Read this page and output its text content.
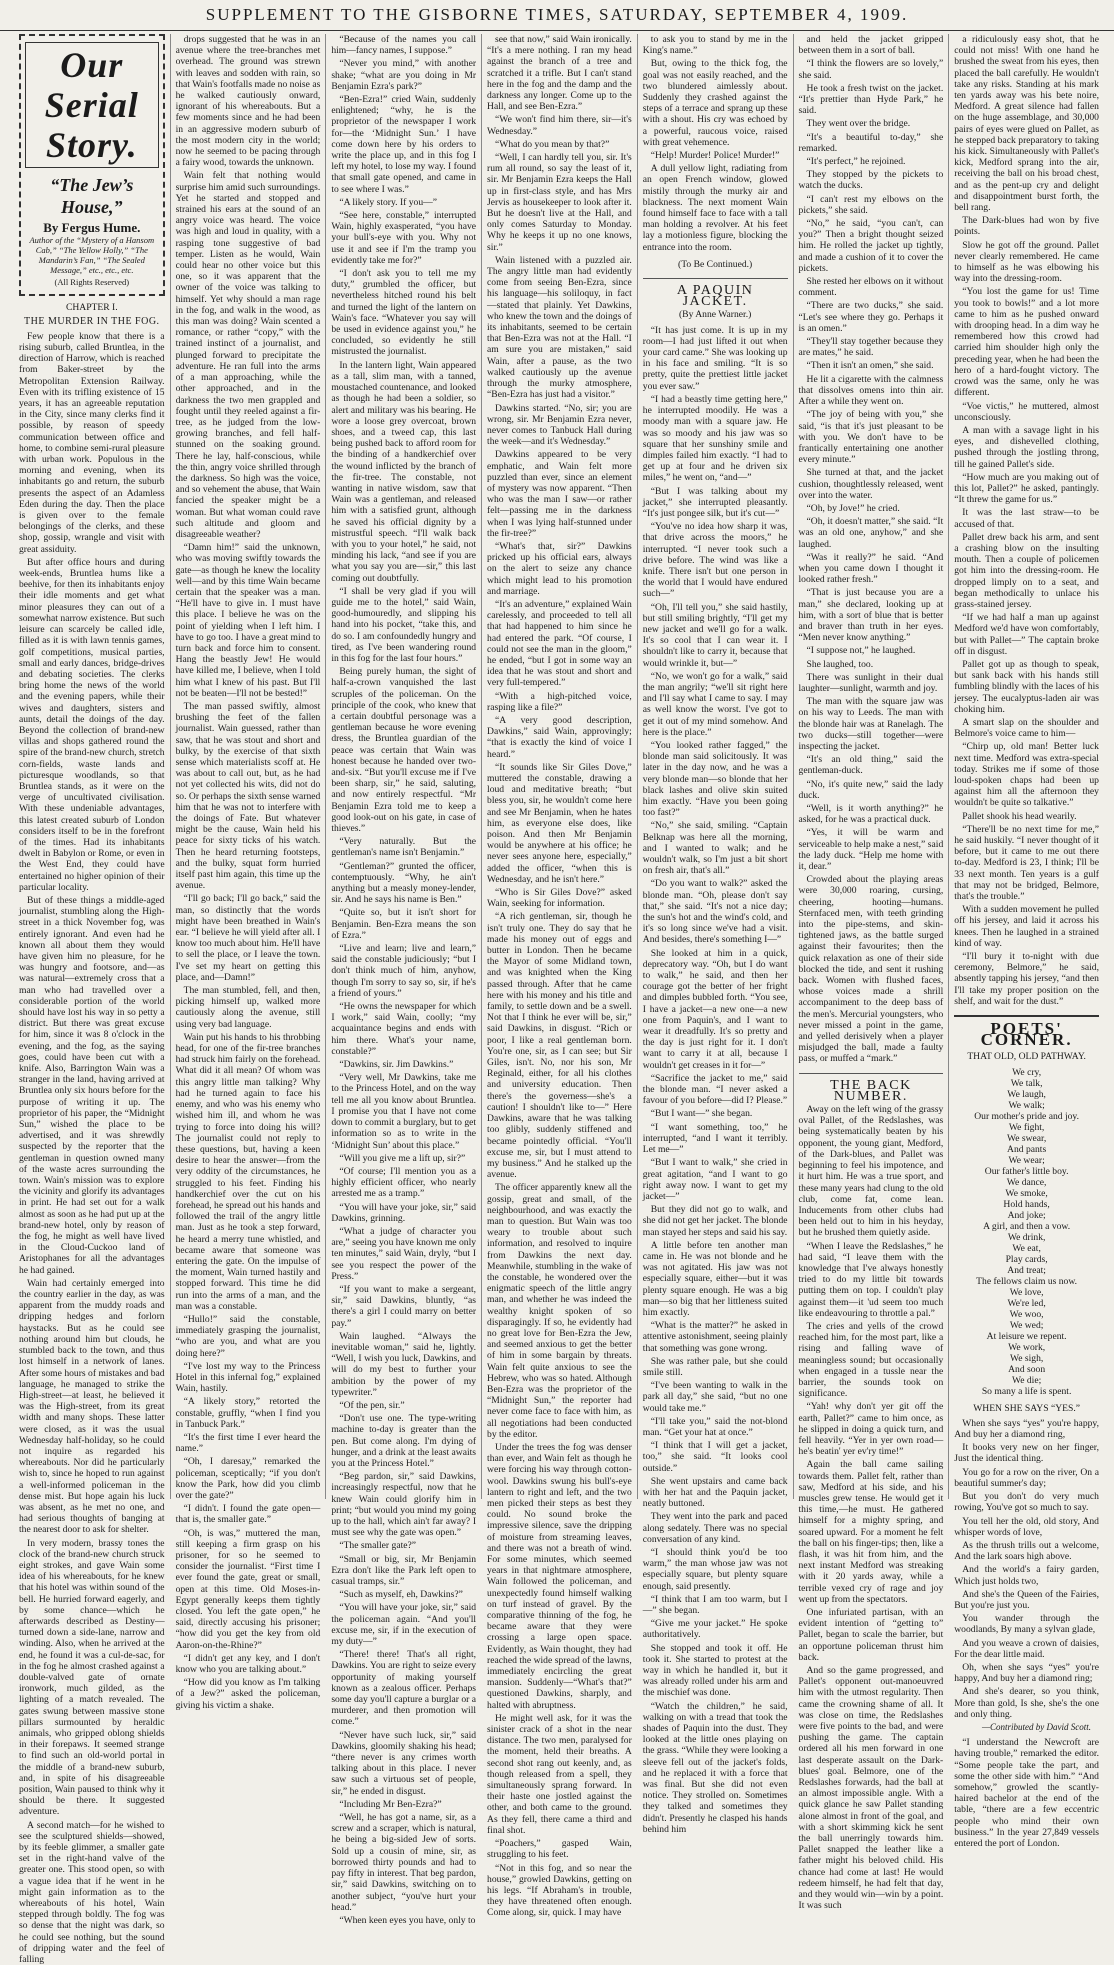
SUPPLEMENT TO THE GISBORNE TIMES, SATURDAY, SEPTEMBER 4, 1909.
Our Serial Story.
“The Jew’s House,”
By Fergus Hume.
Author of the “Mystery of a Hansom Cab,” “The Yellow Holly,” “The Mandarin’s Fan,” “The Sealed Message,” etc., etc., etc.
(All Rights Reserved)
CHAPTER I.
THE MURDER IN THE FOG.

Few people know that there is a rising suburb, called Bruntlea, in the direction of Harrow, which is reached from Baker-street by the Metropolitan Extension Railway. Even with its trifling existence of 15 years, it has an agreeable reputation in the City, since many clerks find it possible, by reason of speedy communication between office and home, to combine semi-rural pleasure with urban work. Populous in the morning and evening, when its inhabitants go and return, the suburb presents the aspect of an Adamless Eden during the day. Then the place is given over to the female belongings of the clerks, and these shop, gossip, wrangle and visit with great assiduity.

But after office hours and during week-ends, Bruntlea hums like a beehive, for then its inhabitants enjoy their idle moments and get what minor pleasures they can out of a somewhat narrow existence. But such leisure can scarcely be called idle, filled as it is with lawn tennis games, golf competitions, musical parties, small and early dances, bridge-drives and debating societies. The clerks bring home the news of the world and the evening papers, while their wives and daughters, sisters and aunts, detail the doings of the day. Beyond the collection of brand-new villas and shops gathered round the spire of the brand-new church, stretch corn-fields, waste lands and picturesque woodlands, so that Bruntlea stands, as it were on the verge of uncultivated civilisation. With these undeniable advantages, this latest created suburb of London considers itself to be in the forefront of the times. Had its inhabitants dwelt in Babylon or Rome, or even in the West End, they could have entertained no higher opinion of their particular locality.

But of these things a middle-aged journalist, stumbling along the High-street in a thick November fog, was entirely ignorant. And even had he known all about them they would have given him no pleasure, for he was hungry and footsore, and—as was natural—extremely cross that a man who had travelled over a considerable portion of the world should have lost his way in so petty a district. But there was great excuse for him, since it was 8 o'clock in the evening, and the fog, as the saying goes, could have been cut with a knife. Also, Barrington Wain was a stranger in the land, having arrived at Bruntlea only six hours before for the purpose of writing it up. The proprietor of his paper, the “Midnight Sun,” wished the place to be advertised, and it was shrewdly suspected by the reporter that the gentleman in question owned many of the waste acres surrounding the town. Wain's mission was to explore the vicinity and glorify its advantages in print. He had set out for a walk almost as soon as he had put up at the brand-new hotel, only by reason of the fog, he might as well have lived in the Cloud-Cuckoo land of Aristophanes for all the advantages he had gained.

Wain had certainly emerged into the country earlier in the day, as was apparent from the muddy roads and dripping hedges and forlorn haystacks. But as he could see nothing around him but clouds, he stumbled back to the town, and thus lost himself in a network of lanes. After some hours of mistakes and bad language, he managed to strike the High-street—at least, he believed it was the High-street, from its great width and many shops. These latter were closed, as it was the usual Wednesday half-holiday, so he could not inquire as regarded his whereabouts. Nor did he particularly wish to, since he hoped to run against a well-informed policeman in the dense mist. But hope again his luck was absent, as he met no one, and had serious thoughts of banging at the nearest door to ask for shelter.

In very modern, brassy tones the clock of the brand-new church struck eight strokes, and gave Wain some idea of his whereabouts, for he knew that his hotel was within sound of the bell. He hurried forward eagerly, and by some chance—which he afterwards described as Destiny—turned down a side-lane, narrow and winding. Also, when he arrived at the end, he found it was a cul-de-sac, for in the fog he almost crashed against a double-valved gate of ornate ironwork, much gilded, as the lighting of a match revealed. The gates swung between massive stone pillars surmounted by heraldic animals, who gripped oblong shields in their forepaws. It seemed strange to find such an old-world portal in the middle of a brand-new suburb, and, in spite of his disagreeable position, Wain paused to think why it should be there. It suggested adventure.

A second match—for he wished to see the sculptured shields—showed, by its feeble glimmer, a smaller gate set in the right-hand valve of the greater one. This stood open, so with a vague idea that if he went in he might gain information as to the whereabouts of his hotel, Wain stepped through boldly. The fog was so dense that the night was dark, so he could see nothing, but the sound of dripping water and the feel of falling

drops suggested that he was in an avenue where the tree-branches met overhead. The ground was strewn with leaves and sodden with rain, so that Wain's footfalls made no noise as he walked cautiously onward, ignorant of his whereabouts. But a few moments since and he had been in an aggressive modern suburb of the most modern city in the world; now he seemed to be pacing through a fairy wood, towards the unknown.

Wain felt that nothing would surprise him amid such surroundings. Yet he started and stopped and strained his ears at the sound of an angry voice was heard. The voice was high and loud in quality, with a rasping tone suggestive of bad temper. Listen as he would, Wain could hear no other voice but this one, so it was apparent that the owner of the voice was talking to himself. Yet why should a man rage in the fog, and walk in the wood, as this man was doing? Wain scented a romance, or rather “copy,” with the trained instinct of a journalist, and plunged forward to precipitate the adventure. He ran full into the arms of a man approaching, while the other approached, and in the darkness the two men grappled and fought until they reeled against a fir-tree, as he judged from the low-growing branches, and fell half-stunned on the soaking ground. There he lay, half-conscious, while the thin, angry voice shrilled through the darkness. So high was the voice, and so vehement the abuse, that Wain fancied the speaker might be a woman. But what woman could rave such altitude and gloom and disagreeable weather?

“Damn him!” said the unknown, who was moving swiftly towards the gate—as though he knew the locality well—and by this time Wain became certain that the speaker was a man. “He'll have to give in. I must have this place. I believe he was on the point of yielding when I left him. I have to go too. I have a great mind to turn back and force him to consent. Hang the beastly Jew! He would have killed me, I believe, when I told him what I knew of his past. But I'll not be beaten—I'll not be bested!”

The man passed swiftly, almost brushing the feet of the fallen journalist. Wain guessed, rather than saw, that he was stout and short and bulky, by the exercise of that sixth sense which materialists scoff at. He was about to call out, but, as he had not yet collected his wits, did not do so. Or perhaps the sixth sense warned him that he was not to interfere with the doings of Fate. But whatever might be the cause, Wain held his peace for sixty ticks of his watch. Then he heard returning footsteps, and the bulky, squat form hurried itself past him again, this time up the avenue.

“I'll go back; I'll go back,” said the man, so distinctly that the words might have been breathed in Wain's ear. “I believe he will yield after all. I know too much about him. He'll have to sell the place, or I leave the town. I've set my heart on getting this place, and—Damn!”

The man stumbled, fell, and then, picking himself up, walked more cautiously along the avenue, still using very bad language.

Wain put his hands to his throbbing head, for one of the fir-tree branches had struck him fairly on the forehead. What did it all mean? Of whom was this angry little man talking? Why had he turned again to face his enemy, and who was his enemy who wished him ill, and whom he was trying to force into doing his will? The journalist could not reply to these questions, but, having a keen desire to hear the answer—from the very oddity of the circumstances, he struggled to his feet. Finding his handkerchief over the cut on his forehead, he spread out his hands and followed the trail of the angry little man. Just as he took a step forward, he heard a merry tune whistled, and became aware that someone was entering the gate. On the impulse of the moment, Wain turned hastily and stopped forward. This time he did run into the arms of a man, and the man was a constable.

“Hullo!” said the constable, immediately grasping the journalist, “who are you, and what are you doing here?”

“I've lost my way to the Princess Hotel in this infernal fog,” explained Wain, hastily.

“A likely story,” retorted the constable, gruffly, “when I find you in Tanbuck Park.”

“It's the first time I ever heard the name.”

“Oh, I daresay,” remarked the policeman, sceptically; “if you don't know the Park, how did you climb over the gate?”

“I didn't. I found the gate open—that is, the smaller gate.”

“Oh, is was,” muttered the man, still keeping a firm grasp on his prisoner, for so he seemed to consider the journalist. “First time I ever found the gate, great or small, open at this time. Old Moses-in-Egypt generally keeps them tightly closed. You left the gate open,” he said, directly accusing his prisoner; “how did you get the key from old Aaron-on-the-Rhine?”

“I didn't get any key, and I don't know who you are talking about.”

“How did you know as I'm talking of a Jew?” asked the policeman, giving his victim a shake.

“Because of the names you call him—fancy names, I suppose.”

“Never you mind,” with another shake; “what are you doing in Mr Benjamin Ezra's park?”

“Ben-Ezra!” cried Wain, suddenly enlightened; “why, he is the proprietor of the newspaper I work for—the ‘Midnight Sun.’ I have come down here by his orders to write the place up, and in this fog I left my hotel, to lose my way. I found that small gate opened, and came in to see where I was.”

“A likely story. If you—”

“See here, constable,” interrupted Wain, highly exasperated, “you have your bull's-eye with you. Why not use it and see if I'm the tramp you evidently take me for?”

“I don't ask you to tell me my duty,” grumbled the officer, but nevertheless hitched round his belt and turned the light of the lantern on Wain's face. “Whatever you say will be used in evidence against you,” he concluded, so evidently he still mistrusted the journalist.

In the lantern light, Wain appeared as a tall, slim man, with a tanned, moustached countenance, and looked as though he had been a soldier, so alert and military was his bearing. He wore a loose grey overcoat, brown shoes, and a tweed cap, this last being pushed back to afford room for the binding of a handkerchief over the wound inflicted by the branch of the fir-tree. The constable, not wanting in native wisdom, saw that Wain was a gentleman, and released him with a satisfied grunt, although he saved his official dignity by a mistrustful speech. “I'll walk back with you to your hotel,” he said, not minding his lack, “and see if you are what you say you are—sir,” this last coming out doubtfully.

“I shall be very glad if you will guide me to the hotel,” said Wain, good-humouredly, and slipping his hand into his pocket, “take this, and do so. I am confoundedly hungry and tired, as I've been wandering round in this fog for the last four hours.”

Being purely human, the sight of half-a-crown vanquished the last scruples of the policeman. On the principle of the cook, who knew that a certain doubtful personage was a gentleman because he wore evening dress, the Bruntlea guardian of the peace was certain that Wain was honest because he handed over two-and-six. “But you'll excuse me if I've been sharp, sir,” he said, saluting, and now entirely respectful. “Mr Benjamin Ezra told me to keep a good look-out on his gate, in case of thieves.”

“Very naturally. But the gentleman's name isn't Benjamin.”

“Gentleman?” grunted the officer, contemptuously. “Why, he ain't anything but a measly money-lender, sir. And he says his name is Ben.”

“Quite so, but it isn't short for Benjamin. Ben-Ezra means the son of Ezra.”

“Live and learn; live and learn,” said the constable judiciously; “but I don't think much of him, anyhow, though I'm sorry to say so, sir, if he's a friend of yours.”

“He owns the newspaper for which I work,” said Wain, coolly; “my acquaintance begins and ends with him there. What's your name, constable?”

“Dawkins, sir. Jim Dawkins.”

“Very well, Mr Dawkins, take me to the Princess Hotel, and on the way tell me all you know about Bruntlea. I promise you that I have not come down to commit a burglary, but to get information so as to write in the ‘Midnight Sun’ about this place.”

“Will you give me a lift up, sir?”

“Of course; I'll mention you as a highly efficient officer, who nearly arrested me as a tramp.”

“You will have your joke, sir,” said Dawkins, grinning.

“What a judge of character you are,” seeing you have known me only ten minutes,” said Wain, dryly, “but I see you respect the power of the Press.”

“If you want to make a sergeant, sir,” said Dawkins, bluntly, “as there's a girl I could marry on better pay.”

Wain laughed. “Always the inevitable woman,” said he, lightly. “Well, I wish you luck, Dawkins, and will do my best to further your ambition by the power of my typewriter.”

“Of the pen, sir.”

“Don't use one. The type-writing machine to-day is greater than the pen. But come along. I'm dying of hunger, and a drink at the least awaits you at the Princess Hotel.”

“Beg pardon, sir,” said Dawkins, increasingly respectful, now that he knew Wain could glorify him in print; “but would you mind my going up to the hall, which ain't far away? I must see why the gate was open.”

“The smaller gate?”

“Small or big, sir, Mr Benjamin Ezra don't like the Park left open to casual tramps, sir.”

“Such as myself, eh, Dawkins?”

“You will have your joke, sir,” said the policeman again. “And you'll excuse me, sir, if in the execution of my duty—”

“There! there! That's all right, Dawkins. You are right to seize every opportunity of making yourself known as a zealous officer. Perhaps some day you'll capture a burglar or a murderer, and then promotion will come.”

“Never have such luck, sir,” said Dawkins, gloomily shaking his head; “there never is any crimes worth talking about in this place. I never saw such a virtuous set of people, sir,” he ended in disgust.

“Including Mr Ben-Ezra?”

“Well, he has got a name, sir, as a screw and a scraper, which is natural, he being a big-sided Jew of sorts. Sold up a cousin of mine, sir, as borrowed thirty pounds and had to pay fifty in interest. That beg pardon, sir,” said Dawkins, switching on to another subject, “you've hurt your head.”

“When keen eyes you have, only to

see that now,” said Wain ironically. “It's a mere nothing. I ran my head against the branch of a tree and scratched it a trifle. But I can't stand here in the fog and the damp and the darkness any longer. Come up to the Hall, and see Ben-Ezra.”

“We won't find him there, sir—it's Wednesday.”

“What do you mean by that?”

“Well, I can hardly tell you, sir. It's rum all round, so say the least of it, sir. Mr Benjamin Ezra keeps the Hall up in first-class style, and has Mrs Jervis as housekeeper to look after it. But he doesn't live at the Hall, and only comes Saturday to Monday. Why he keeps it up no one knows, sir.”

Wain listened with a puzzled air. The angry little man had evidently come from seeing Ben-Ezra, since his language—his soliloquy, in fact—stated that plainly. Yet Dawkins, who knew the town and the doings of its inhabitants, seemed to be certain that Ben-Ezra was not at the Hall. “I am sure you are mistaken,” said Wain, after a pause, as the two walked cautiously up the avenue through the murky atmosphere, “Ben-Ezra has just had a visitor.”

Dawkins started. “No, sir; you are wrong, sir. Mr Benjamin Ezra never, never comes to Tanbuck Hall during the week—and it's Wednesday.”

Dawkins appeared to be very emphatic, and Wain felt more puzzled than ever, since an element of mystery was now apparent. “Then who was the man I saw—or rather felt—passing me in the darkness when I was lying half-stunned under the fir-tree?”

“What's that, sir?” Dawkins pricked up his official ears, always on the alert to seize any chance which might lead to his promotion and marriage.

“It's an adventure,” explained Wain carelessly, and proceeded to tell all that had happened to him since he had entered the park. “Of course, I could not see the man in the gloom,” he ended, “but I got in some way an idea that he was stout and short and very full-tempered.”

“With a high-pitched voice, rasping like a file?”

“A very good description, Dawkins,” said Wain, approvingly; “that is exactly the kind of voice I heard.”

“It sounds like Sir Giles Dove,” muttered the constable, drawing a loud and meditative breath; “but bless you, sir, he wouldn't come here and see Mr Benjamin, when he hates him, as everyone else does, like poison. And then Mr Benjamin would be anywhere at his office; he never sees anyone here, especially,” added the officer, “when this is Wednesday, and he isn't here.”

“Who is Sir Giles Dove?” asked Wain, seeking for information.

“A rich gentleman, sir, though he isn't truly one. They do say that he made his money out of eggs and butter in London. Then he became the Mayor of some Midland town, and was knighted when the King passed through. After that he came here with his money and his title and family, to settle down and be a swell. Not that I think he ever will be, sir,” said Dawkins, in disgust. “Rich or poor, I like a real gentleman born. You're one, sir, as I can see; but Sir Giles, isn't. No, nor his son, Mr Reginald, either, for all his clothes and university education. Then there's the governess—she's a caution! I shouldn't like to—” Here Dawkins, aware that he was talking too glibly, suddenly stiffened and became pointedly official. “You'll excuse me, sir, but I must attend to my business.” And he stalked up the avenue.

The officer apparently knew all the gossip, great and small, of the neighbourhood, and was exactly the man to question. But Wain was too weary to trouble about such information, and resolved to inquire from Dawkins the next day. Meanwhile, stumbling in the wake of the constable, he wondered over the enigmatic speech of the little angry man, and whether he was indeed the wealthy knight spoken of so disparagingly. If so, he evidently had no great love for Ben-Ezra the Jew, and seemed anxious to get the better of him in some bargain by threats. Wain felt quite anxious to see the Hebrew, who was so hated. Although Ben-Ezra was the proprietor of the “Midnight Sun,” the reporter had never come face to face with him, as all negotiations had been conducted by the editor.

Under the trees the fog was denser than ever, and Wain felt as though he were forcing his way through cotton-wool. Dawkins swung his bull's-eye lantern to right and left, and the two men picked their steps as best they could. No sound broke the impressive silence, save the dripping of moisture from streaming leaves, and there was not a breath of wind. For some minutes, which seemed years in that nightmare atmosphere, Wain followed the policeman, and unexpectedly found himself walking on turf instead of gravel. By the comparative thinning of the fog, he became aware that they were crossing a large open space. Evidently, as Wain thought, they had reached the wide spread of the lawns, immediately encircling the great mansion. Suddenly—“What's that?” questioned Dawkins, sharply, and halted with abruptness.

He might well ask, for it was the sinister crack of a shot in the near distance. The two men, paralysed for the moment, held their breaths. A second shot rang out keenly, and, as though released from a spell, they simultaneously sprang forward. In their haste one jostled against the other, and both came to the ground. As they fell, there came a third and final shot.

“Poachers,” gasped Wain, struggling to his feet.

“Not in this fog, and so near the house,” growled Dawkins, getting on his legs. “If Abraham's in trouble, they have threatened often enough. Come along, sir, quick. I may have

to ask you to stand by me in the King's name.”

But, owing to the thick fog, the goal was not easily reached, and the two blundered aimlessly about. Suddenly they crashed against the steps of a terrace and sprang up these with a shout. His cry was echoed by a powerful, raucous voice, raised with great vehemence.

“Help! Murder! Police! Murder!”

A dull yellow light, radiating from an open French window, glowed mistily through the murky air and blackness. The next moment Wain found himself face to face with a tall man holding a revolver. At his feet lay a motionless figure, blocking the entrance into the room.

(To Be Continued.)
A PAQUIN JACKET.
(By Anne Warner.)

“It has just come. It is up in my room—I had just lifted it out when your card came.” She was looking up in his face and smiling. “It is so pretty, quite the prettiest little jacket you ever saw.”

“I had a beastly time getting here,” he interrupted moodily. He was a moody man with a square jaw. He was so moody and his jaw was so square that her sunshiny smile and dimples failed him exactly. “I had to get up at four and he driven six miles,” he went on, “and—”

“But I was talking about my jacket,” she interrupted pleasantly. “It's just pongee silk, but it's cut—”

“You've no idea how sharp it was, that drive across the moors,” he interrupted. “I never took such a drive before. The wind was like a knife. There isn't but one person in the world that I would have endured such—”

“Oh, I'll tell you,” she said hastily, but still smiling brightly, “I'll get my new jacket and we'll go for a walk. It's so cool that I can wear it. I shouldn't like to carry it, because that would wrinkle it, but—”

“No, we won't go for a walk,” said the man angrily; “we'll sit right here and I'll say what I came to say. I may as well know the worst. I've got to get it out of my mind somehow. And here is the place.”

“You looked rather fagged,” the blonde man said solicitously. It was later in the day now, and he was a very blonde man—so blonde that her black lashes and olive skin suited him exactly. “Have you been going too fast?”

“No,” she said, smiling. “Captain Belknap was here all the morning, and I wanted to walk; and he wouldn't walk, so I'm just a bit short on fresh air, that's all.”

“Do you want to walk?” asked the blonde man. “Oh, please don't say that,” she said. “It's not a nice day; the sun's hot and the wind's cold, and it's so long since we've had a visit. And besides, there's something I—”

She looked at him in a quick, deprecatory way. “Oh, but I do want to walk,” he said, and then her courage got the better of her fright and dimples bubbled forth. “You see, I have a jacket—a new one—a new one from Paquin's, and I want to wear it dreadfully. It's so pretty and the day is just right for it. I don't want to carry it at all, because I wouldn't get creases in it for—”

“Sacrifice the jacket to me,” said the blonde man. “I never asked a favour of you before—did I? Please.”

“But I want—” she began.

“I want something, too,” he interrupted, “and I want it terribly. Let me—”

“But I want to walk,” she cried in great agitation, “and I want to go right away now. I want to get my jacket—”

But they did not go to walk, and she did not get her jacket. The blonde man stayed her steps and said his say.

A little before ten another man came in. He was not blonde and he was not agitated. His jaw was not especially square, either—but it was plenty square enough. He was a big man—so big that her littleness suited him exactly.

“What is the matter?” he asked in attentive astonishment, seeing plainly that something was gone wrong.

She was rather pale, but she could smile still.

“I've been wanting to walk in the park all day,” she said, “but no one would take me.”

“I'll take you,” said the not-blond man. “Get your hat at once.”

“I think that I will get a jacket, too,” she said. “It looks cool outside.”

She went upstairs and came back with her hat and the Paquin jacket, neatly buttoned.

They went into the park and paced along sedately. There was no special conversation of any kind.

“I should think you'd be too warm,” the man whose jaw was not especially square, but plenty square enough, said presently.

“I think that I am too warm, but I—” she began.

“Give me your jacket.” He spoke authoritatively.

She stopped and took it off. He took it. She started to protest at the way in which he handled it, but it was already rolled under his arm and the mischief was done.

“Watch the children,” he said, walking on with a tread that took the shades of Paquin into the dust. They looked at the little ones playing on the grass. “While they were looking a sleeve fell out of the jacket's folds, and he replaced it with a force that was final. But she did not even notice. They strolled on. Sometimes they talked and sometimes they didn't. Presently he clasped his hands behind him

and held the jacket gripped between them in a sort of ball.

“I think the flowers are so lovely,” she said.

He took a fresh twist on the jacket. “It's prettier than Hyde Park,” he said.

They went over the bridge.

“It's a beautiful to-day,” she remarked.

“It's perfect,” he rejoined.

They stopped by the pickets to watch the ducks.

“I can't rest my elbows on the pickets,” she said.

“No,” he said, “you can't, can you?” Then a bright thought seized him. He rolled the jacket up tightly, and made a cushion of it to cover the pickets.

She rested her elbows on it without comment.

“There are two ducks,” she said. “Let's see where they go. Perhaps it is an omen.”

“They'll stay together because they are mates,” he said.

“Then it isn't an omen,” she said.

He lit a cigarette with the calmness that dissolves omens into thin air. After a while they went on.

“The joy of being with you,” she said, “is that it's just pleasant to be with you. We don't have to be frantically entertaining one another every minute.”

She turned at that, and the jacket cushion, thoughtlessly released, went over into the water.

“Oh, by Jove!” he cried.

“Oh, it doesn't matter,” she said. “It was an old one, anyhow,” and she laughed.

“Was it really?” he said. “And when you came down I thought it looked rather fresh.”

“That is just because you are a man,” she declared, looking up at him, with a sort of blue that is better and braver than truth in her eyes. “Men never know anything.”

“I suppose not,” he laughed.

She laughed, too.

There was sunlight in their dual laughter—sunlight, warmth and joy.

The man with the square jaw was on his way to Leeds. The man with the blonde hair was at Ranelagh. The two ducks—still together—were inspecting the jacket.

“It's an old thing,” said the gentleman-duck.

“No, it's quite new,” said the lady duck.

“Well, is it worth anything?” he asked, for he was a practical duck.

“Yes, it will be warm and serviceable to help make a nest,” said the lady duck. “Help me home with it, dear.”

Crowded about the playing areas were 30,000 roaring, cursing, cheering, hooting—humans. Sternfaced men, with teeth grinding into the pipe-stems, and skin-tightened jaws, as the battle surged against their favourites; then the quick relaxation as one of their side blocked the tide, and sent it rushing back. Women with flushed faces, whose voices made a shrill accompaniment to the deep bass of the men's. Mercurial youngsters, who never missed a point in the game, and yelled derisively when a player misjudged the ball, made a faulty pass, or muffed a “mark.”

THE BACK NUMBER.

Away on the left wing of the grassy oval Pallet, of the Redslashes, was being systematically beaten by his opponent, the young giant, Medford, of the Dark-blues, and Pallet was beginning to feel his impotence, and it hurt him. He was a true sport, and these many years had clung to the old club, come fat, come lean. Inducements from other clubs had been held out to him in his heyday, but he brushed them quietly aside.

“When I leave the Redslashes,” he had said, “I leave them with the knowledge that I've always honestly tried to do my little bit towards putting them on top. I couldn't play against them—it 'ud seem too much like endeavouring to throttle a pal.”

The cries and yells of the crowd reached him, for the most part, like a rising and falling wave of meaningless sound; but occasionally when engaged in a tussle near the barrier, the sounds took on significance.

“Yah! why don't yer git off the earth, Pallet?” came to him once, as he slipped in doing a quick turn, and fell heavily. “Yer in yer own road—he's beatin' yer ev'ry time!”

Again the ball came sailing towards them. Pallet felt, rather than saw, Medford at his side, and his muscles grew tense. He would get it this time,—he must. He gathered himself for a mighty spring, and soared upward. For a moment he felt the ball on his finger-tips; then, like a flash, it was hit from him, and the next instant Medford was streaking with it 20 yards away, while a terrible vexed cry of rage and joy went up from the spectators.

One infuriated partisan, with an evident intention of “getting to” Pallet, began to scale the barrier, but an opportune policeman thrust him back.

And so the game progressed, and Pallet's opponent out-manoeuvred him with the utmost regularity. Then came the crowning shame of all. It was close on time, the Redslashes were five points to the bad, and were pushing the game. The captain ordered all his men forward in one last desperate assault on the Dark-blues' goal. Belmore, one of the Redslashes forwards, had the ball at an almost impossible angle. With a quick glance he saw Pallet standing alone almost in front of the goal, and with a short skimming kick he sent the ball unerringly towards him. Pallet snapped the leather like a father might his beloved child. His chance had come at last! He would redeem himself, he had felt that day, and they would win—win by a point. It was such

a ridiculously easy shot, that he could not miss! With one hand he brushed the sweat from his eyes, then placed the ball carefully. He wouldn't take any risks. Standing at his mark ten yards away was his bete noire, Medford. A great silence had fallen on the huge assemblage, and 30,000 pairs of eyes were glued on Pallet, as he stepped back preparatory to taking his kick. Simultaneously with Pallet's kick, Medford sprang into the air, receiving the ball on his broad chest, and as the pent-up cry and delight and disappointment burst forth, the bell rang.

The Dark-blues had won by five points.

Slow he got off the ground. Pallet never clearly remembered. He came to himself as he was elbowing his way into the dressing-room.

“You lost the game for us! Time you took to bowls!” and a lot more came to him as he pushed onward with drooping head. In a dim way he remembered how this crowd had carried him shoulder high only the preceding year, when he had been the hero of a hard-fought victory. The crowd was the same, only he was different.

“Voe victis,” he muttered, almost unconsciously.

A man with a savage light in his eyes, and dishevelled clothing, pushed through the jostling throng, till he gained Pallet's side.

“How much are you making out of this lot, Pallet?” he asked, pantingly. “It threw the game for us.”

It was the last straw—to be accused of that.

Pallet drew back his arm, and sent a crashing blow on the insulting mouth. Then a couple of policemen got him into the dressing-room. He dropped limply on to a seat, and began methodically to unlace his grass-stained jersey.

“If we had half a man up against Medford we'd have won comfortably, but with Pallet—” The captain broke off in disgust.

Pallet got up as though to speak, but sank back with his hands still fumbling blindly with the laces of his jersey. The eucalyptus-laden air was choking him.

A smart slap on the shoulder and Belmore's voice came to him—

“Chirp up, old man! Better luck next time. Medford was extra-special today. Strikes me if some of those loud-spoken chaps had been up against him all the afternoon they wouldn't be quite so talkative.”

Pallet shook his head wearily.

“There'll be no next time for me,” he said huskily. “I never thought of it before, but it came to me out there to-day. Medford is 23, I think; I'll be 33 next month. Ten years is a gulf that may not be bridged, Belmore, that's the trouble.”

With a sudden movement he pulled off his jersey, and laid it across his knees. Then he laughed in a strained kind of way.

“I'll bury it to-night with due ceremony, Belmore,” he said, absently tapping his jersey, “and then I'll take my proper position on the shelf, and wait for the dust.”

POETS' CORNER.
THAT OLD, OLD PATHWAY.
We cry,
We talk,
We laugh,
We walk;
Our mother's pride and joy.
We fight,
We swear,
And pants
We wear;
Our father's little boy.
We dance,
We smoke,
Hold hands,
And joke;
A girl, and then a vow.
We drink,
We eat,
Play cards,
And treat;
The fellows claim us now.
We love,
We're led,
We woo,
We wed;
At leisure we repent.
We work,
We sigh,
And soon
We die;
So many a life is spent.
WHEN SHE SAYS “YES.”

When she says “yes” you're happy, And buy her a diamond ring,

It books very new on her finger, Just the identical thing.

You go for a row on the river, On a beautiful summer's day;

But you don't do very much rowing, You've got so much to say.

You tell her the old, old story, And whisper words of love,

As the thrush trills out a welcome, And the lark soars high above.

And the world's a fairy garden, Which just holds two,

And she's the Queen of the Fairies, But you're just you.

You wander through the woodlands, By many a sylvan glade,

And you weave a crown of daisies, For the dear little maid.

Oh, when she says “yes” you're happy, And buy her a diamond ring;

And she's dearer, so you think, More than gold, Is she, she's the one and only thing.

—Contributed by David Scott.

“I understand the Newcroft are having trouble,” remarked the editor. “Some people take the part, and some the other side with him.” “And somehow,” growled the scantly-haired bachelor at the end of the table, “there are a few eccentric people who mind their own business.” In the year 27,849 vessels entered the port of London.
